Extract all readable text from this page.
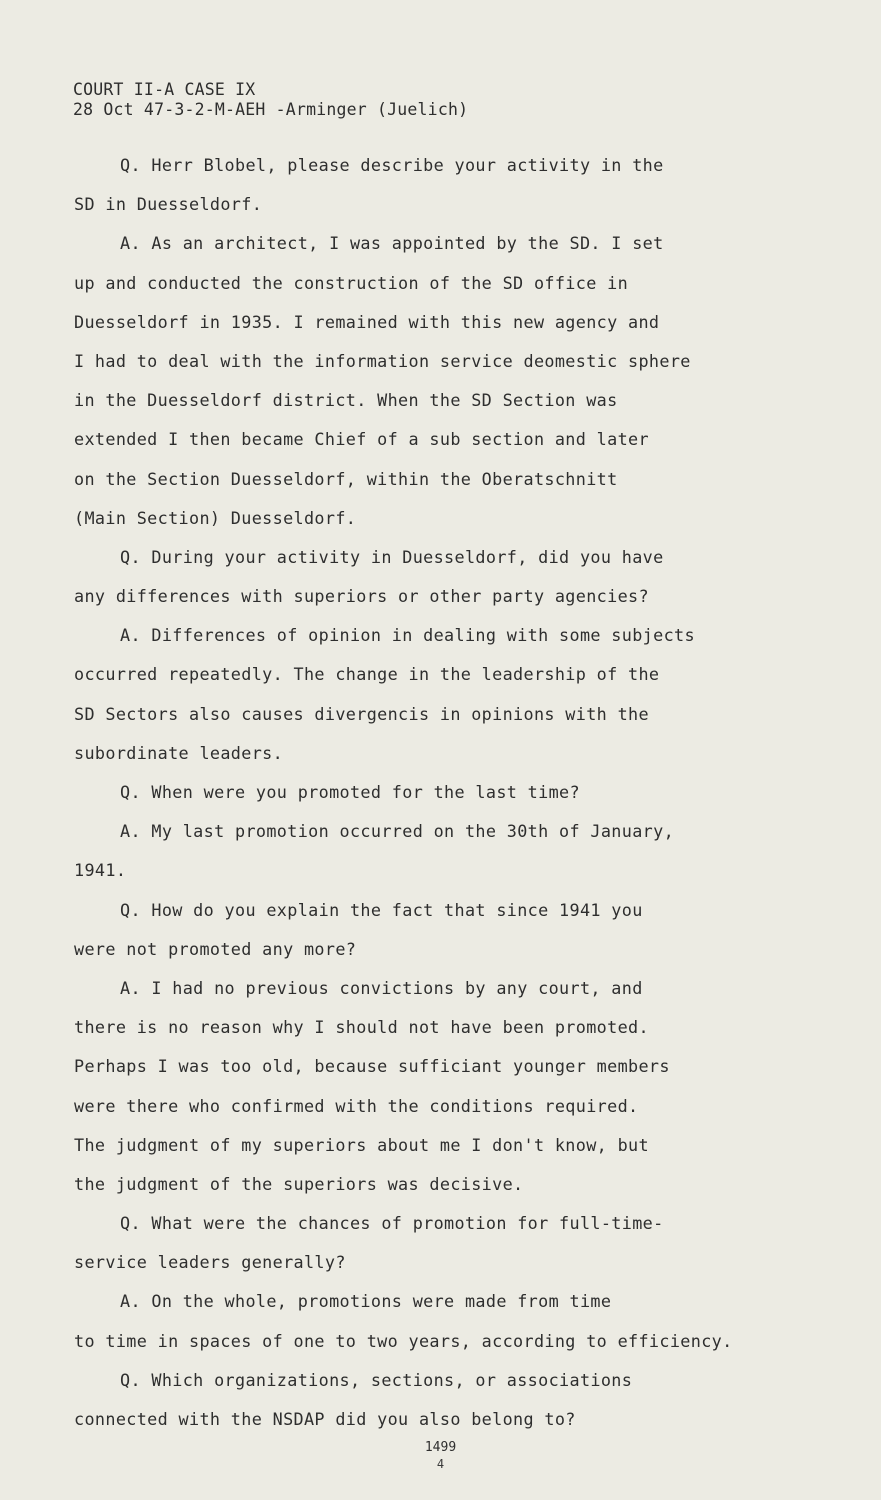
COURT II-A CASE IX
28 Oct 47-3-2-M-AEH -Arminger (Juelich)
Q. Herr Blobel, please describe your activity in the
SD in Duesseldorf.
A. As an architect, I was appointed by the SD. I set
up and conducted the construction of the SD office in
Duesseldorf in 1935. I remained with this new agency and
I had to deal with the information service deomestic sphere
in the Duesseldorf district. When the SD Section was
extended I then became Chief of a sub section and later
on the Section Duesseldorf, within the Oberatschnitt
(Main Section) Duesseldorf.
Q. During your activity in Duesseldorf, did you have
any differences with superiors or other party agencies?
A. Differences of opinion in dealing with some subjects
occurred repeatedly. The change in the leadership of the
SD Sectors also causes divergencis in opinions with the
subordinate leaders.
Q. When were you promoted for the last time?
A. My last promotion occurred on the 30th of January,
1941.
Q. How do you explain the fact that since 1941 you
were not promoted any more?
A. I had no previous convictions by any court, and
there is no reason why I should not have been promoted.
Perhaps I was too old, because sufficiant younger members
were there who confirmed with the conditions required.
The judgment of my superiors about me I don't know, but
the judgment of the superiors was decisive.
Q. What were the chances of promotion for full-time-
service leaders generally?
A. On the whole, promotions were made from time
to time in spaces of one to two years, according to efficiency.
Q. Which organizations, sections, or associations
connected with the NSDAP did you also belong to?
1499
4
